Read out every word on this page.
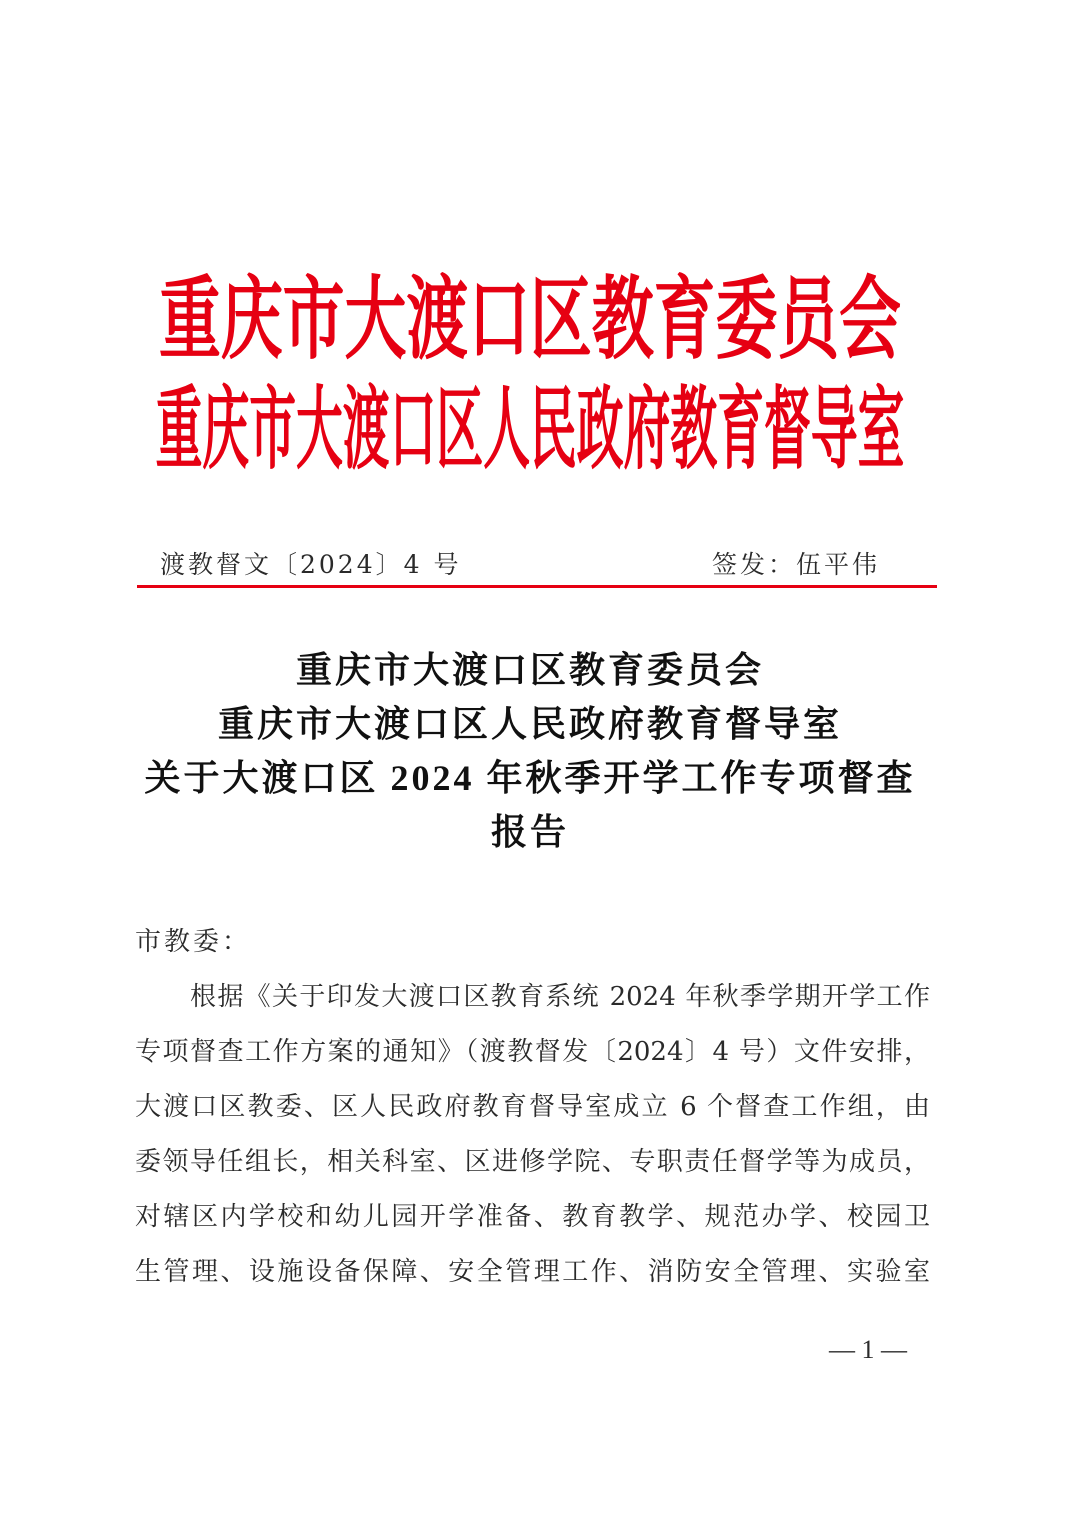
重庆市大渡口区教育委员会
重庆市大渡口区人民政府教育督导室
渡教督文〔2024〕4 号	签发：伍平伟
重庆市大渡口区教育委员会
重庆市大渡口区人民政府教育督导室
关于大渡口区 2024 年秋季开学工作专项督查
报告
市教委：
根据《关于印发大渡口区教育系统 2024 年秋季学期开学工作
专项督查工作方案的通知》（渡教督发〔2024〕4 号）文件安排，
大渡口区教委、区人民政府教育督导室成立 6 个督查工作组，由
委领导任组长，相关科室、区进修学院、专职责任督学等为成员，
对辖区内学校和幼儿园开学准备、教育教学、规范办学、校园卫
生管理、设施设备保障、安全管理工作、消防安全管理、实验室
— 1 —
